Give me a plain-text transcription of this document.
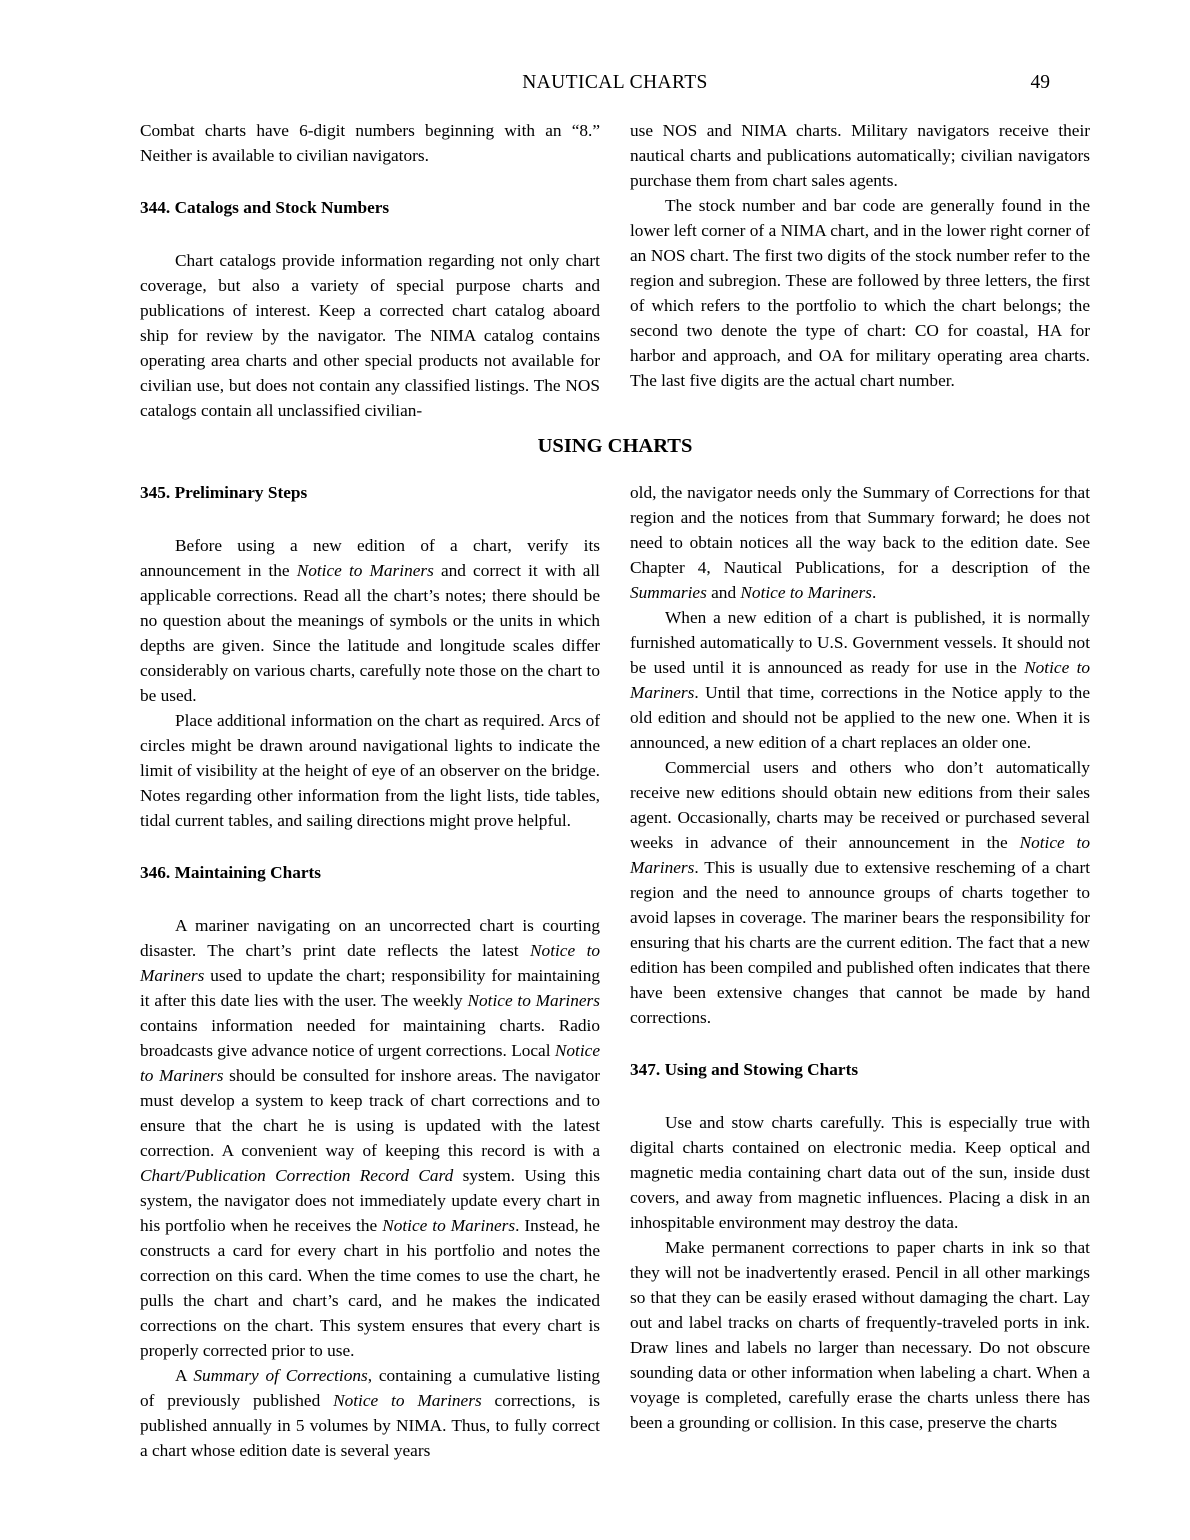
NAUTICAL CHARTS	49

Combat charts have 6-digit numbers beginning with an “8.” Neither is available to civilian navigators.

344. Catalogs and Stock Numbers

Chart catalogs provide information regarding not only chart coverage, but also a variety of special purpose charts and publications of interest. Keep a corrected chart catalog aboard ship for review by the navigator. The NIMA catalog contains operating area charts and other special products not available for civilian use, but does not contain any classified listings. The NOS catalogs contain all unclassified civilian-

use NOS and NIMA charts. Military navigators receive their nautical charts and publications automatically; civilian navigators purchase them from chart sales agents.

The stock number and bar code are generally found in the lower left corner of a NIMA chart, and in the lower right corner of an NOS chart. The first two digits of the stock number refer to the region and subregion. These are followed by three letters, the first of which refers to the portfolio to which the chart belongs; the second two denote the type of chart: CO for coastal, HA for harbor and approach, and OA for military operating area charts. The last five digits are the actual chart number.

USING CHARTS
345. Preliminary Steps

Before using a new edition of a chart, verify its announcement in the Notice to Mariners and correct it with all applicable corrections. Read all the chart’s notes; there should be no question about the meanings of symbols or the units in which depths are given. Since the latitude and longitude scales differ considerably on various charts, carefully note those on the chart to be used.

Place additional information on the chart as required. Arcs of circles might be drawn around navigational lights to indicate the limit of visibility at the height of eye of an observer on the bridge. Notes regarding other information from the light lists, tide tables, tidal current tables, and sailing directions might prove helpful.

346. Maintaining Charts

A mariner navigating on an uncorrected chart is courting disaster. The chart’s print date reflects the latest Notice to Mariners used to update the chart; responsibility for maintaining it after this date lies with the user. The weekly Notice to Mariners contains information needed for maintaining charts. Radio broadcasts give advance notice of urgent corrections. Local Notice to Mariners should be consulted for inshore areas. The navigator must develop a system to keep track of chart corrections and to ensure that the chart he is using is updated with the latest correction. A convenient way of keeping this record is with a Chart/Publication Correction Record Card system. Using this system, the navigator does not immediately update every chart in his portfolio when he receives the Notice to Mariners. Instead, he constructs a card for every chart in his portfolio and notes the correction on this card. When the time comes to use the chart, he pulls the chart and chart’s card, and he makes the indicated corrections on the chart. This system ensures that every chart is properly corrected prior to use.

A Summary of Corrections, containing a cumulative listing of previously published Notice to Mariners corrections, is published annually in 5 volumes by NIMA. Thus, to fully correct a chart whose edition date is several years

old, the navigator needs only the Summary of Corrections for that region and the notices from that Summary forward; he does not need to obtain notices all the way back to the edition date. See Chapter 4, Nautical Publications, for a description of the Summaries and Notice to Mariners.

When a new edition of a chart is published, it is normally furnished automatically to U.S. Government vessels. It should not be used until it is announced as ready for use in the Notice to Mariners. Until that time, corrections in the Notice apply to the old edition and should not be applied to the new one. When it is announced, a new edition of a chart replaces an older one.

Commercial users and others who don’t automatically receive new editions should obtain new editions from their sales agent. Occasionally, charts may be received or purchased several weeks in advance of their announcement in the Notice to Mariners. This is usually due to extensive rescheming of a chart region and the need to announce groups of charts together to avoid lapses in coverage. The mariner bears the responsibility for ensuring that his charts are the current edition. The fact that a new edition has been compiled and published often indicates that there have been extensive changes that cannot be made by hand corrections.

347. Using and Stowing Charts

Use and stow charts carefully. This is especially true with digital charts contained on electronic media. Keep optical and magnetic media containing chart data out of the sun, inside dust covers, and away from magnetic influences. Placing a disk in an inhospitable environment may destroy the data.

Make permanent corrections to paper charts in ink so that they will not be inadvertently erased. Pencil in all other markings so that they can be easily erased without damaging the chart. Lay out and label tracks on charts of frequently-traveled ports in ink. Draw lines and labels no larger than necessary. Do not obscure sounding data or other information when labeling a chart. When a voyage is completed, carefully erase the charts unless there has been a grounding or collision. In this case, preserve the charts
